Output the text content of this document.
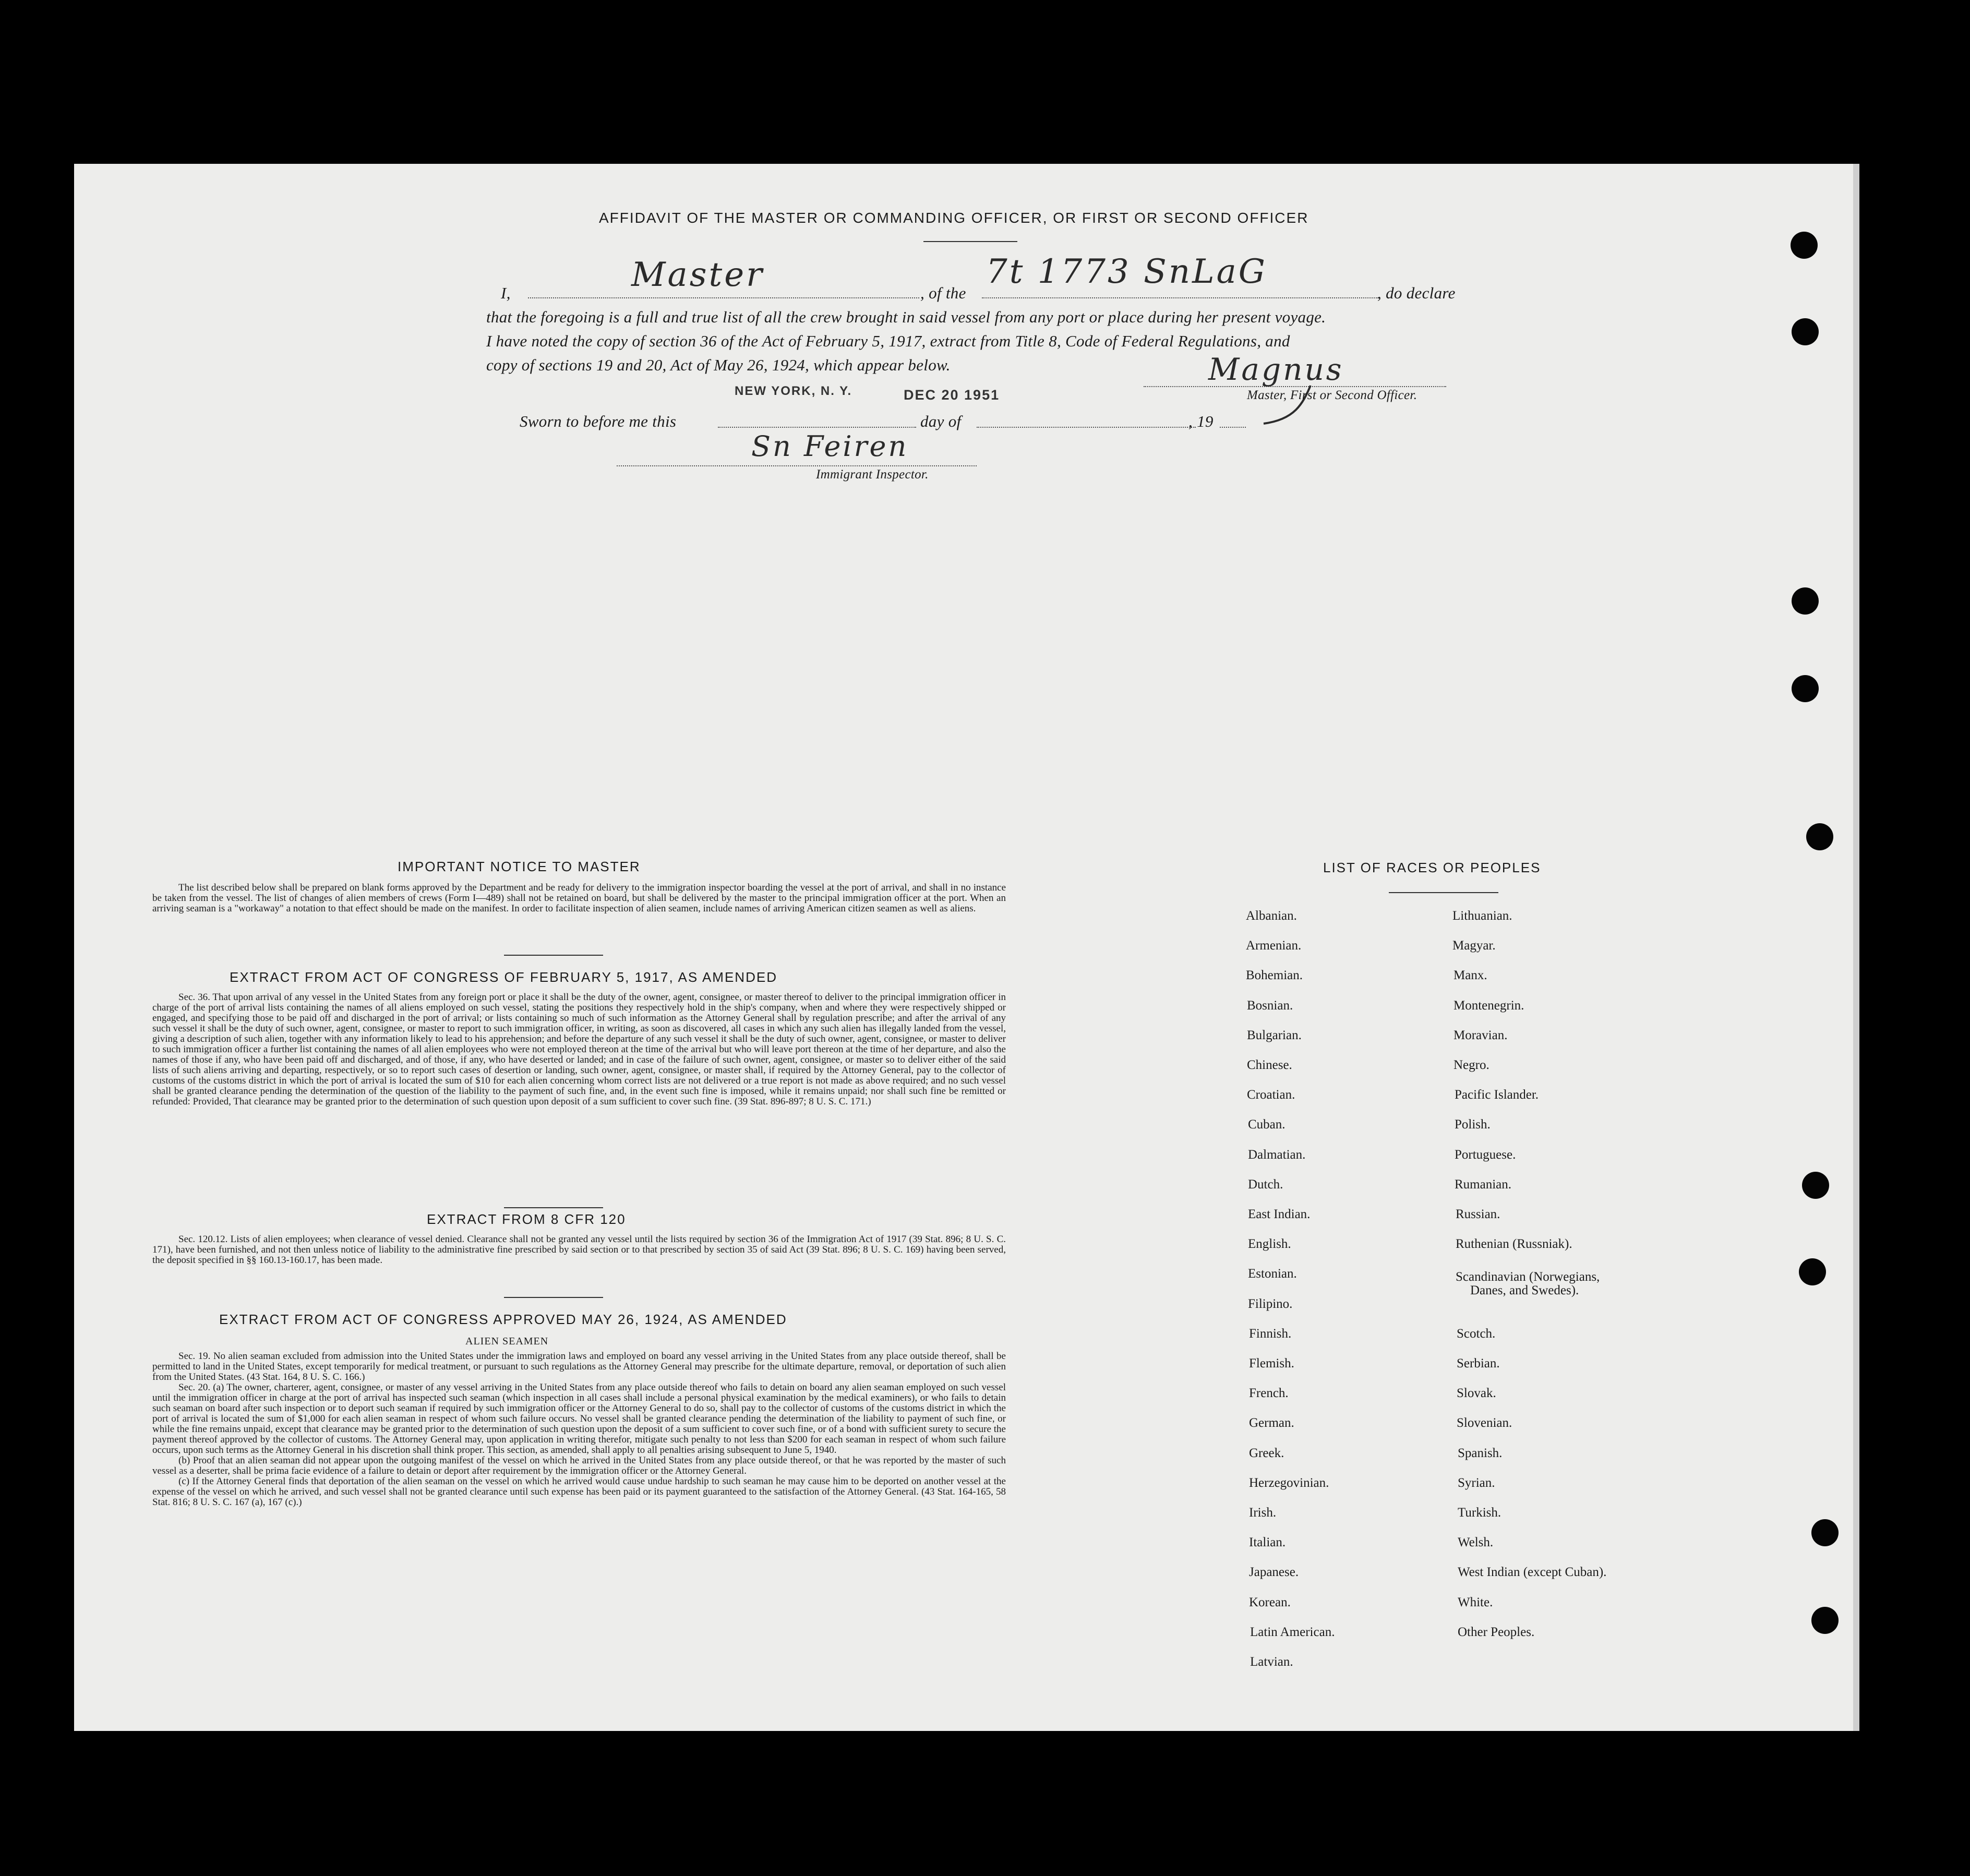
AFFIDAVIT OF THE MASTER OR COMMANDING OFFICER, OR FIRST OR SECOND OFFICER
I,	Master	, of the
7t 1773 SnLaG
, do declare
that the foregoing is a full and true list of all the crew brought in said vessel from any port or place during her present voyage.
I have noted the copy of section 36 of the Act of February 5, 1917, extract from Title 8, Code of Federal Regulations, and
copy of sections 19 and 20, Act of May 26, 1924, which appear below.
NEW YORK, N. Y.	DEC 20 1951
Magnus
Master, First or Second Officer.
Sworn to before me this	day of	, 19
Sn Feiren
Immigrant Inspector.
IMPORTANT NOTICE TO MASTER

The list described below shall be prepared on blank forms approved by the Department and be ready for delivery to the immigration inspector boarding the vessel at the port of arrival, and shall in no instance be taken from the vessel. The list of changes of alien members of crews (Form I—489) shall not be retained on board, but shall be delivered by the master to the principal immigration officer at the port. When an arriving seaman is a "workaway" a notation to that effect should be made on the manifest. In order to facilitate inspection of alien seamen, include names of arriving American citizen seamen as well as aliens.

EXTRACT FROM ACT OF CONGRESS OF FEBRUARY 5, 1917, AS AMENDED

Sec. 36. That upon arrival of any vessel in the United States from any foreign port or place it shall be the duty of the owner, agent, consignee, or master thereof to deliver to the principal immigration officer in charge of the port of arrival lists containing the names of all aliens employed on such vessel, stating the positions they respectively hold in the ship's company, when and where they were respectively shipped or engaged, and specifying those to be paid off and discharged in the port of arrival; or lists containing so much of such information as the Attorney General shall by regulation prescribe; and after the arrival of any such vessel it shall be the duty of such owner, agent, consignee, or master to report to such immigration officer, in writing, as soon as discovered, all cases in which any such alien has illegally landed from the vessel, giving a description of such alien, together with any information likely to lead to his apprehension; and before the departure of any such vessel it shall be the duty of such owner, agent, consignee, or master to deliver to such immigration officer a further list containing the names of all alien employees who were not employed thereon at the time of the arrival but who will leave port thereon at the time of her departure, and also the names of those if any, who have been paid off and discharged, and of those, if any, who have deserted or landed; and in case of the failure of such owner, agent, consignee, or master so to deliver either of the said lists of such aliens arriving and departing, respectively, or so to report such cases of desertion or landing, such owner, agent, consignee, or master shall, if required by the Attorney General, pay to the collector of customs of the customs district in which the port of arrival is located the sum of $10 for each alien concerning whom correct lists are not delivered or a true report is not made as above required; and no such vessel shall be granted clearance pending the determination of the question of the liability to the payment of such fine, and, in the event such fine is imposed, while it remains unpaid; nor shall such fine be remitted or refunded: Provided, That clearance may be granted prior to the determination of such question upon deposit of a sum sufficient to cover such fine. (39 Stat. 896-897; 8 U. S. C. 171.)

EXTRACT FROM 8 CFR 120

Sec. 120.12. Lists of alien employees; when clearance of vessel denied. Clearance shall not be granted any vessel until the lists required by section 36 of the Immigration Act of 1917 (39 Stat. 896; 8 U. S. C. 171), have been furnished, and not then unless notice of liability to the administrative fine prescribed by said section or to that prescribed by section 35 of said Act (39 Stat. 896; 8 U. S. C. 169) having been served, the deposit specified in §§ 160.13-160.17, has been made.

EXTRACT FROM ACT OF CONGRESS APPROVED MAY 26, 1924, AS AMENDED
ALIEN SEAMEN

Sec. 19. No alien seaman excluded from admission into the United States under the immigration laws and employed on board any vessel arriving in the United States from any place outside thereof, shall be permitted to land in the United States, except temporarily for medical treatment, or pursuant to such regulations as the Attorney General may prescribe for the ultimate departure, removal, or deportation of such alien from the United States. (43 Stat. 164, 8 U. S. C. 166.)

Sec. 20. (a) The owner, charterer, agent, consignee, or master of any vessel arriving in the United States from any place outside thereof who fails to detain on board any alien seaman employed on such vessel until the immigration officer in charge at the port of arrival has inspected such seaman (which inspection in all cases shall include a personal physical examination by the medical examiners), or who fails to detain such seaman on board after such inspection or to deport such seaman if required by such immigration officer or the Attorney General to do so, shall pay to the collector of customs of the customs district in which the port of arrival is located the sum of $1,000 for each alien seaman in respect of whom such failure occurs. No vessel shall be granted clearance pending the determination of the liability to payment of such fine, or while the fine remains unpaid, except that clearance may be granted prior to the determination of such question upon the deposit of a sum sufficient to cover such fine, or of a bond with sufficient surety to secure the payment thereof approved by the collector of customs. The Attorney General may, upon application in writing therefor, mitigate such penalty to not less than $200 for each seaman in respect of whom such failure occurs, upon such terms as the Attorney General in his discretion shall think proper. This section, as amended, shall apply to all penalties arising subsequent to June 5, 1940.

(b) Proof that an alien seaman did not appear upon the outgoing manifest of the vessel on which he arrived in the United States from any place outside thereof, or that he was reported by the master of such vessel as a deserter, shall be prima facie evidence of a failure to detain or deport after requirement by the immigration officer or the Attorney General.

(c) If the Attorney General finds that deportation of the alien seaman on the vessel on which he arrived would cause undue hardship to such seaman he may cause him to be deported on another vessel at the expense of the vessel on which he arrived, and such vessel shall not be granted clearance until such expense has been paid or its payment guaranteed to the satisfaction of the Attorney General. (43 Stat. 164-165, 58 Stat. 816; 8 U. S. C. 167 (a), 167 (c).)

LIST OF RACES OR PEOPLES
Albanian.
Armenian.
Bohemian.
Bosnian.
Bulgarian.
Chinese.
Croatian.
Cuban.
Dalmatian.
Dutch.
East Indian.
English.
Estonian.
Filipino.
Finnish.
Flemish.
French.
German.
Greek.
Herzegovinian.
Irish.
Italian.
Japanese.
Korean.
Latin American.
Latvian.
Lithuanian.
Magyar.
Manx.
Montenegrin.
Moravian.
Negro.
Pacific Islander.
Polish.
Portuguese.
Rumanian.
Russian.
Ruthenian (Russniak).
Scandinavian (Norwegians,
Danes, and Swedes).
Scotch.
Serbian.
Slovak.
Slovenian.
Spanish.
Syrian.
Turkish.
Welsh.
West Indian (except Cuban).
White.
Other Peoples.
